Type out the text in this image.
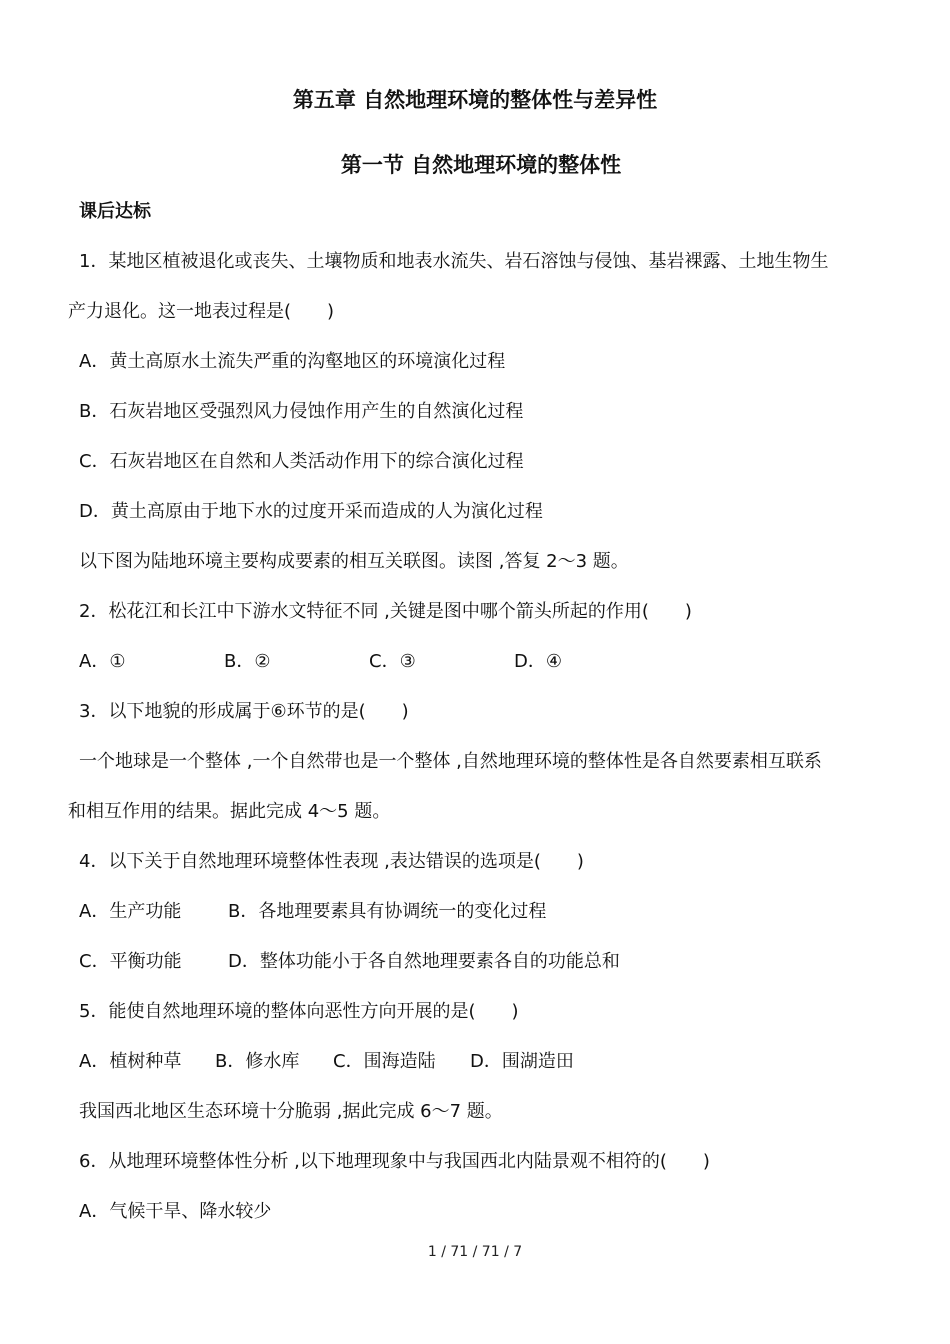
第五章 自然地理环境的整体性与差异性
第一节 自然地理环境的整体性
课后达标
1．某地区植被退化或丧失、土壤物质和地表水流失、岩石溶蚀与侵蚀、基岩裸露、土地生物生
产力退化。这一地表过程是(　　)
A．黄土高原水土流失严重的沟壑地区的环境演化过程
B．石灰岩地区受强烈风力侵蚀作用产生的自然演化过程
C．石灰岩地区在自然和人类活动作用下的综合演化过程
D．黄土高原由于地下水的过度开采而造成的人为演化过程
以下图为陆地环境主要构成要素的相互关联图。读图 ,答复 2～3 题。
2．松花江和长江中下游水文特征不同 ,关键是图中哪个箭头所起的作用(　　)
A．①	B．②	C．③	D．④
3．以下地貌的形成属于⑥环节的是(　　)
一个地球是一个整体 ,一个自然带也是一个整体 ,自然地理环境的整体性是各自然要素相互联系
和相互作用的结果。据此完成 4～5 题。
4．以下关于自然地理环境整体性表现 ,表达错误的选项是(　　)
A．生产功能	B．各地理要素具有协调统一的变化过程
C．平衡功能	D．整体功能小于各自然地理要素各自的功能总和
5．能使自然地理环境的整体向恶性方向开展的是(　　)
A．植树种草 B．修水库 C．围海造陆 D．围湖造田
我国西北地区生态环境十分脆弱 ,据此完成 6～7 题。
6．从地理环境整体性分析 ,以下地理现象中与我国西北内陆景观不相符的(　　)
A．气候干旱、降水较少
1 / 71 / 71 / 7
